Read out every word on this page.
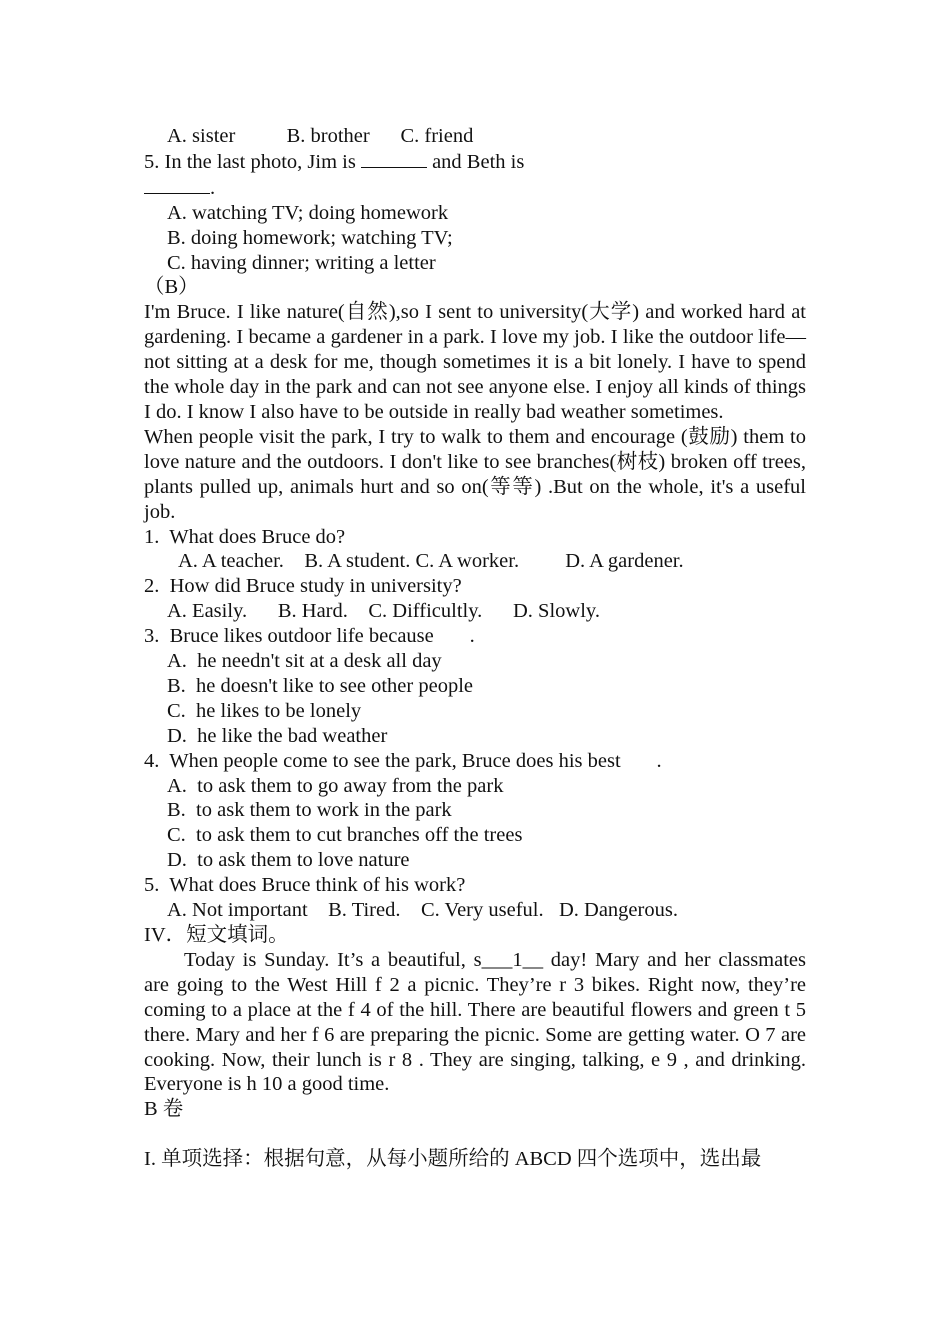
A. sister          B. brother      C. friend
5. In the last photo, Jim is	and Beth is
.
A. watching TV; doing homework
B. doing homework; watching TV;
C. having dinner; writing a letter
（B）

I'm Bruce. I like nature(自然),so I sent to university(大学) and worked hard at gardening. I became a gardener in a park. I love my job. I like the outdoor life—not sitting at a desk for me, though sometimes it is a bit lonely. I have to spend the whole day in the park and can not see anyone else. I enjoy all kinds of things I do. I know I also have to be outside in really bad weather sometimes.

When people visit the park, I try to walk to them and encourage (鼓励) them to love nature and the outdoors. I don't like to see branches(树枝) broken off trees, plants pulled up, animals hurt and so on(等等) .But on the whole, it's a useful job.

1.  What does Bruce do?
A. A teacher.    B. A student. C. A worker.         D. A gardener.
2.  How did Bruce study in university?
A. Easily.      B. Hard.    C. Difficultly.      D. Slowly.
3.  Bruce likes outdoor life because       .
A.  he needn't sit at a desk all day
B.  he doesn't like to see other people
C.  he likes to be lonely
D.  he like the bad weather
4.  When people come to see the park, Bruce does his best       .
A.  to ask them to go away from the park
B.  to ask them to work in the park
C.  to ask them to cut branches off the trees
D.  to ask them to love nature
5.  What does Bruce think of his work?
A. Not important    B. Tired.    C. Very useful.   D. Dangerous.
IV．短文填词。

Today is Sunday. It’s a beautiful, s___1__ day! Mary and her classmates are going to the West Hill f 2 a picnic. They’re r 3 bikes. Right now, they’re coming to a place at the f 4 of the hill. There are beautiful flowers and green t 5 there. Mary and her f 6 are preparing the picnic. Some are getting water. O 7 are cooking. Now, their lunch is r 8 . They are singing, talking, e 9 , and drinking. Everyone is h 10 a good time.

B 卷

I. 单项选择：根据句意，从每小题所给的 ABCD 四个选项中，选出最
